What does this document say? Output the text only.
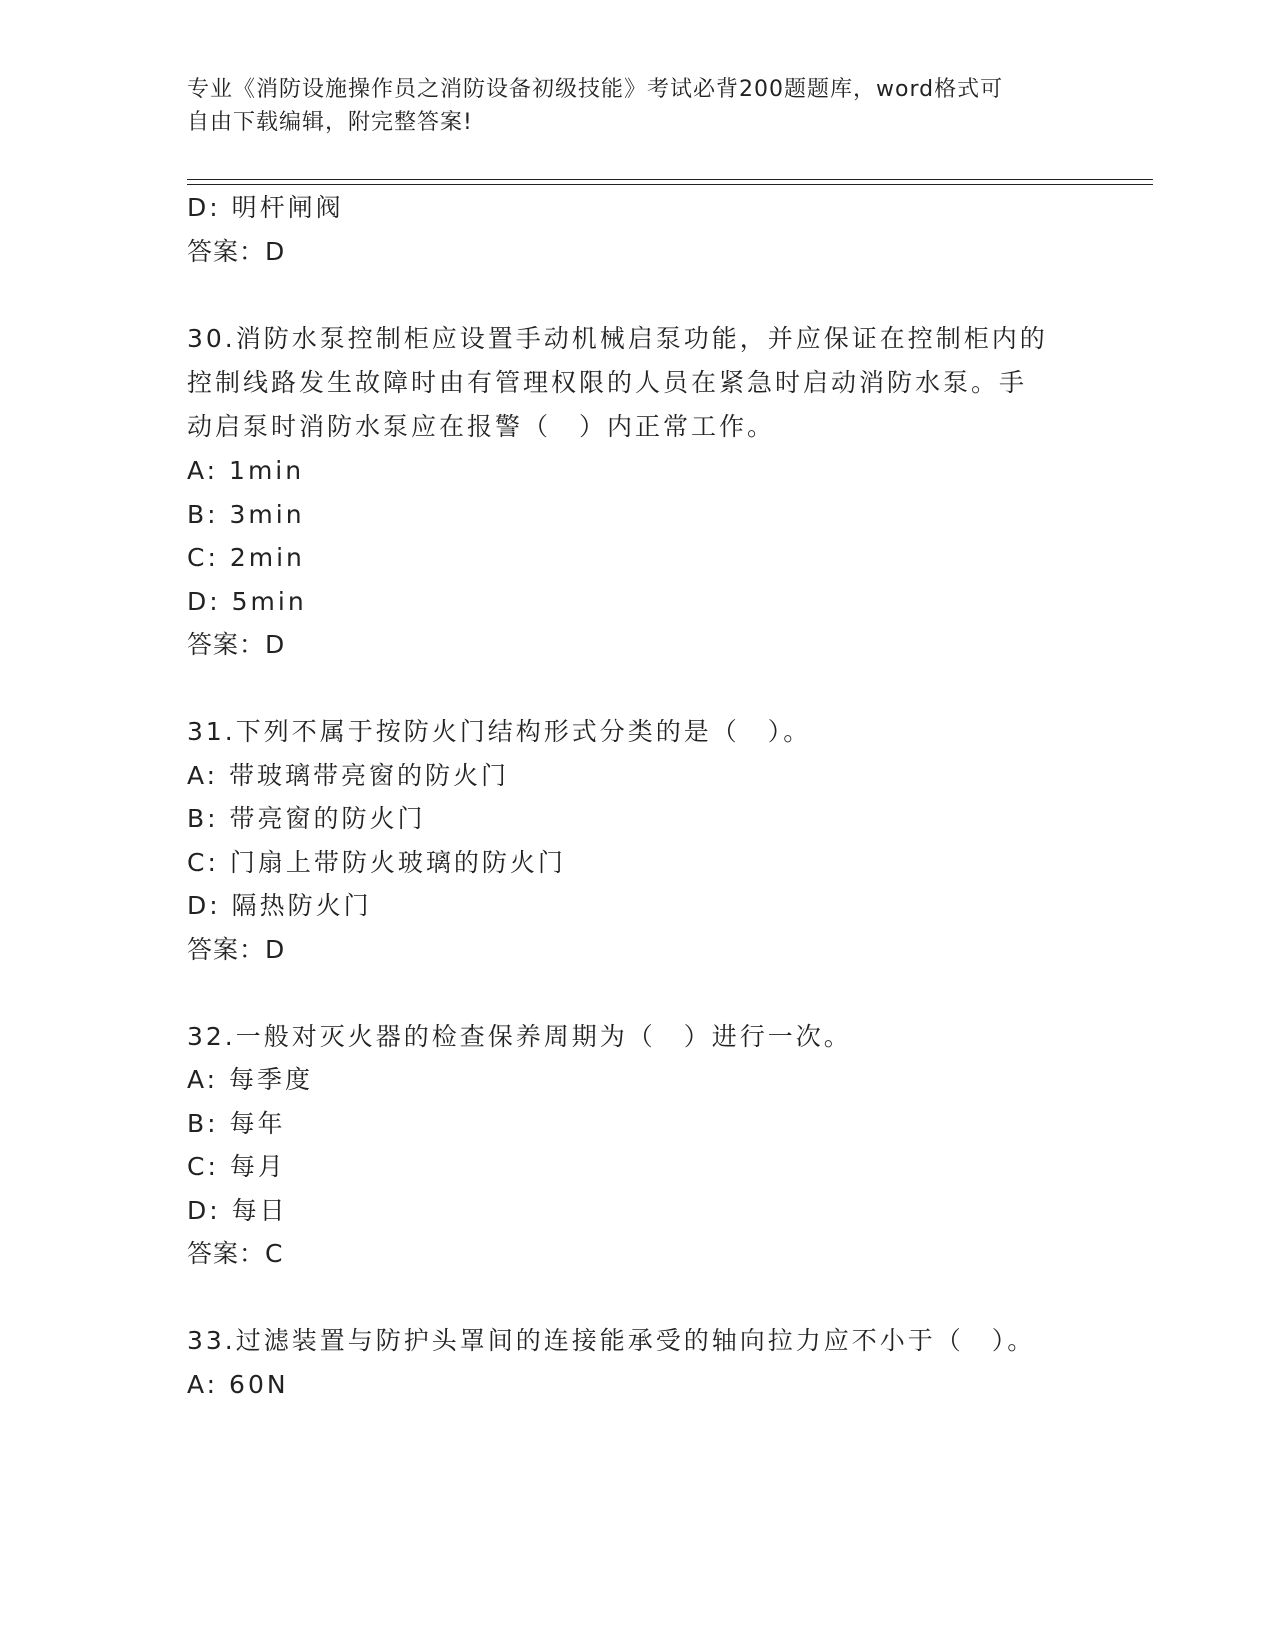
专业《消防设施操作员之消防设备初级技能》考试必背200题题库，word格式可
自由下载编辑，附完整答案!
D: 明杆闸阀
答案：D
30.消防水泵控制柜应设置手动机械启泵功能，并应保证在控制柜内的
控制线路发生故障时由有管理权限的人员在紧急时启动消防水泵。手
动启泵时消防水泵应在报警（　）内正常工作。
A: 1min
B: 3min
C: 2min
D: 5min
答案：D
31.下列不属于按防火门结构形式分类的是（　）。
A: 带玻璃带亮窗的防火门
B: 带亮窗的防火门
C: 门扇上带防火玻璃的防火门
D: 隔热防火门
答案：D
32.一般对灭火器的检查保养周期为（　）进行一次。
A: 每季度
B: 每年
C: 每月
D: 每日
答案：C
33.过滤装置与防护头罩间的连接能承受的轴向拉力应不小于（　）。
A: 60N
